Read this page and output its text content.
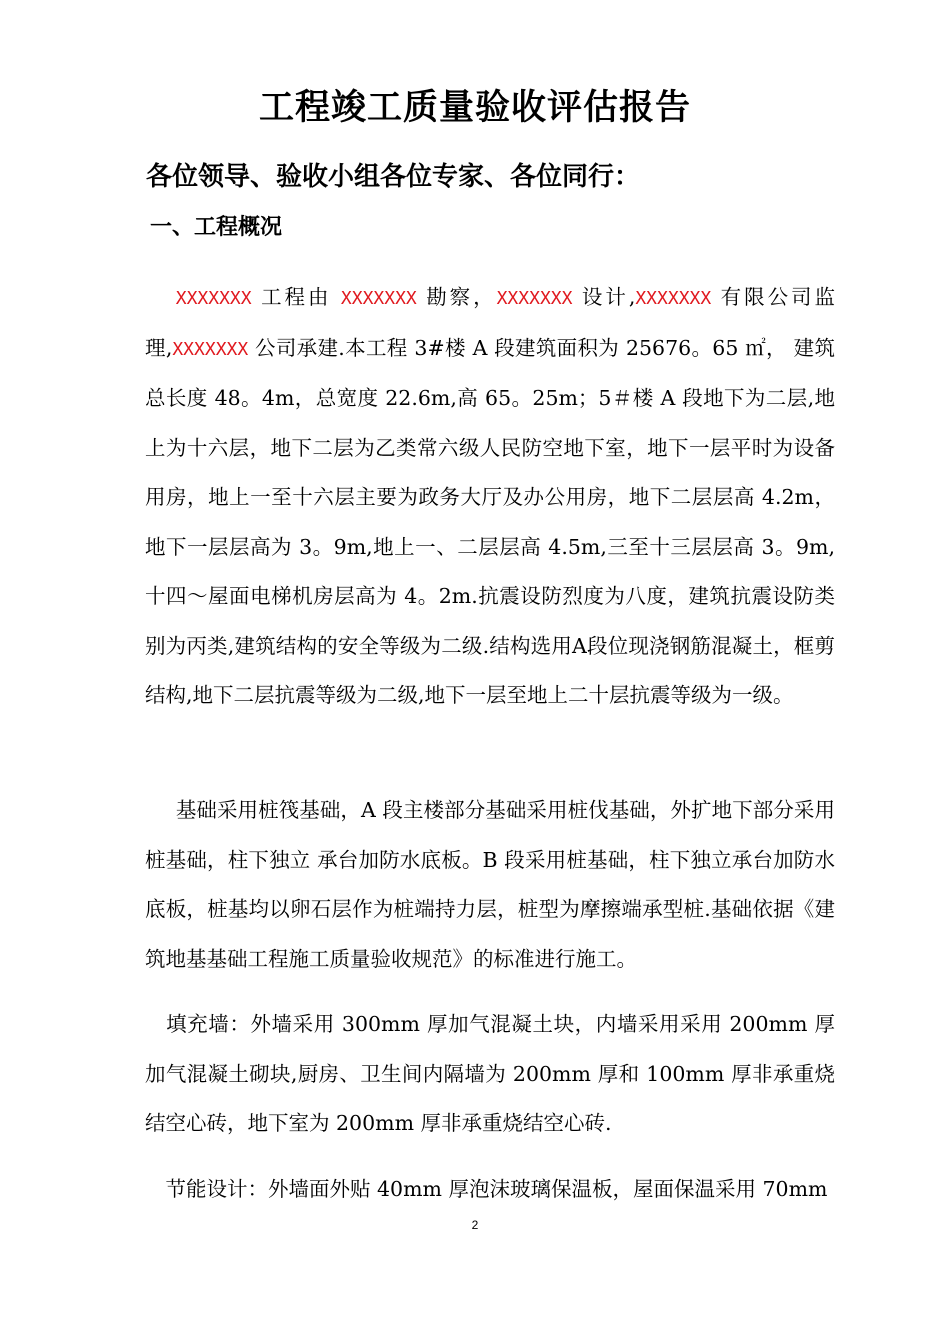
工程竣工质量验收评估报告
各位领导、验收小组各位专家、各位同行：
一、工程概况
  XXXXXXX 工程由 XXXXXXX 勘察，XXXXXXX 设计,XXXXXXX 有限公司监理,XXXXXXX 公司承建.本工程 3#楼 A 段建筑面积为 25676。65 ㎡， 建筑总长度 48。4m，总宽度 22.6m,高 65。25m；5＃楼 A 段地下为二层,地上为十六层，地下二层为乙类常六级人民防空地下室，地下一层平时为设备用房，地上一至十六层主要为政务大厅及办公用房，地下二层层高 4.2m，地下一层层高为 3。9m,地上一、二层层高 4.5m,三至十三层层高 3。9m,十四～屋面电梯机房层高为 4。2m.抗震设防烈度为八度，建筑抗震设防类别为丙类,建筑结构的安全等级为二级.结构选用A段位现浇钢筋混凝土，框剪结构,地下二层抗震等级为二级,地下一层至地上二十层抗震等级为一级。
  基础采用桩筏基础，A 段主楼部分基础采用桩伐基础，外扩地下部分采用桩基础，柱下独立 承台加防水底板。B 段采用桩基础，柱下独立承台加防水底板，桩基均以卵石层作为桩端持力层，桩型为摩擦端承型桩.基础依据《建筑地基基础工程施工质量验收规范》的标准进行施工。
 填充墙：外墙采用 300mm 厚加气混凝土块，内墙采用采用 200mm 厚加气混凝土砌块,厨房、卫生间内隔墙为 200mm 厚和 100mm 厚非承重烧结空心砖，地下室为 200mm 厚非承重烧结空心砖.
 节能设计：外墙面外贴 40mm 厚泡沫玻璃保温板，屋面保温采用 70mm
2
